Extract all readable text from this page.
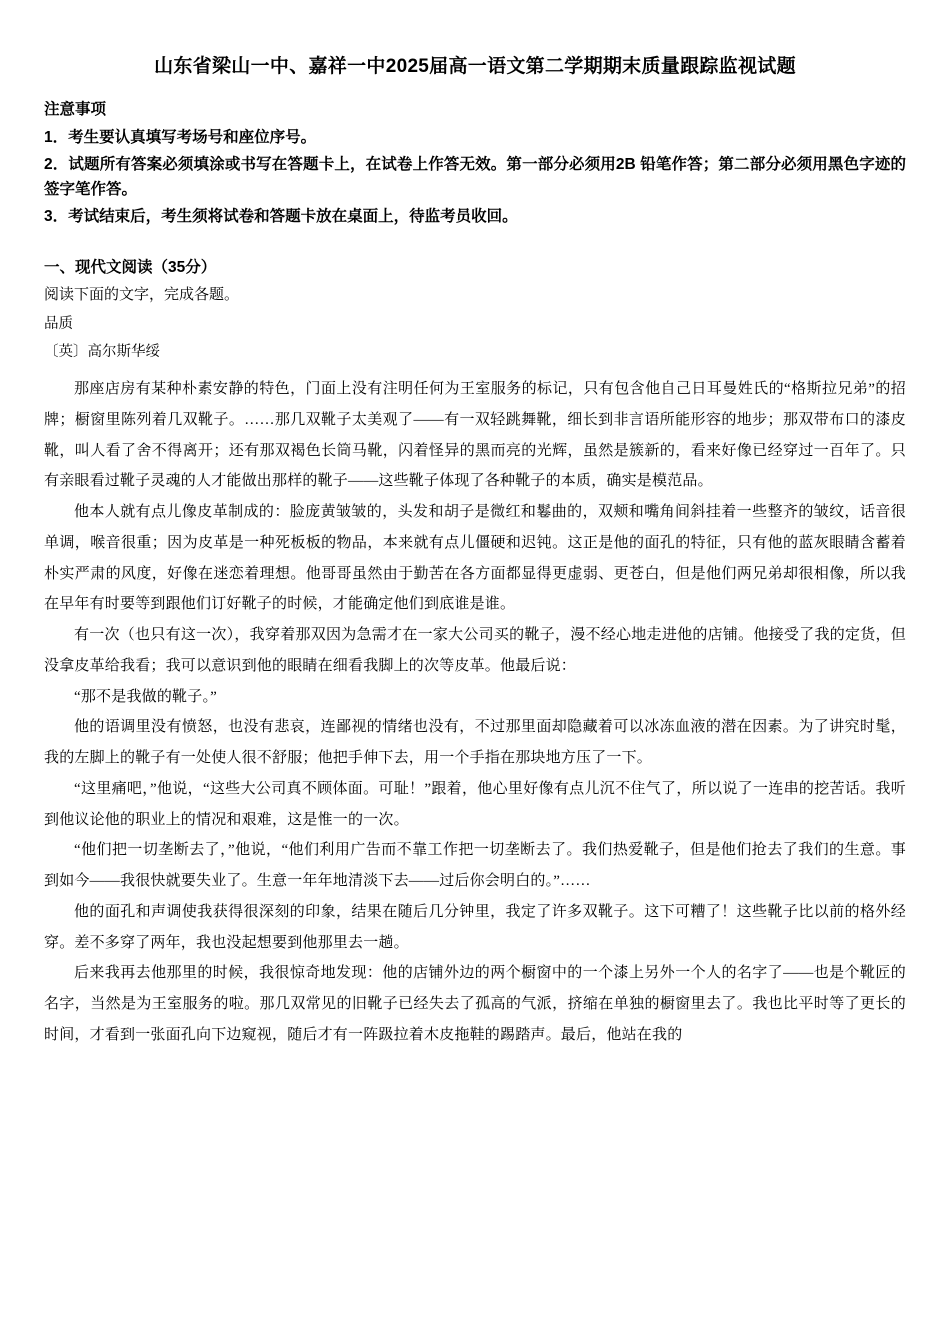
山东省梁山一中、嘉祥一中2025届高一语文第二学期期末质量跟踪监视试题
注意事项

1．考生要认真填写考场号和座位序号。

2．试题所有答案必须填涂或书写在答题卡上，在试卷上作答无效。第一部分必须用2B 铅笔作答；第二部分必须用黑色字迹的签字笔作答。

3．考试结束后，考生须将试卷和答题卡放在桌面上，待监考员收回。

一、现代文阅读（35分）

阅读下面的文字，完成各题。

品质

〔英〕高尔斯华绥

那座店房有某种朴素安静的特色，门面上没有注明任何为王室服务的标记，只有包含他自己日耳曼姓氏的“格斯拉兄弟”的招牌；橱窗里陈列着几双靴子。……那几双靴子太美观了——有一双轻跳舞靴，细长到非言语所能形容的地步；那双带布口的漆皮靴，叫人看了舍不得离开；还有那双褐色长筒马靴，闪着怪异的黑而亮的光辉，虽然是簇新的，看来好像已经穿过一百年了。只有亲眼看过靴子灵魂的人才能做出那样的靴子——这些靴子体现了各种靴子的本质，确实是模范品。

他本人就有点儿像皮革制成的：脸庞黄皱皱的，头发和胡子是微红和鬈曲的，双颊和嘴角间斜挂着一些整齐的皱纹，话音很单调，喉音很重；因为皮革是一种死板板的物品，本来就有点儿僵硬和迟钝。这正是他的面孔的特征，只有他的蓝灰眼睛含蓄着朴实严肃的风度，好像在迷恋着理想。他哥哥虽然由于勤苦在各方面都显得更虚弱、更苍白，但是他们两兄弟却很相像，所以我在早年有时要等到跟他们订好靴子的时候，才能确定他们到底谁是谁。

有一次（也只有这一次），我穿着那双因为急需才在一家大公司买的靴子，漫不经心地走进他的店铺。他接受了我的定货，但没拿皮革给我看；我可以意识到他的眼睛在细看我脚上的次等皮革。他最后说：

“那不是我做的靴子。”

他的语调里没有愤怒，也没有悲哀，连鄙视的情绪也没有，不过那里面却隐藏着可以冰冻血液的潜在因素。为了讲究时髦，我的左脚上的靴子有一处使人很不舒服；他把手伸下去，用一个手指在那块地方压了一下。

“这里痛吧，”他说，“这些大公司真不顾体面。可耻！”跟着，他心里好像有点儿沉不住气了，所以说了一连串的挖苦话。我听到他议论他的职业上的情况和艰难，这是惟一的一次。

“他们把一切垄断去了，”他说，“他们利用广告而不靠工作把一切垄断去了。我们热爱靴子，但是他们抢去了我们的生意。事到如今——我很快就要失业了。生意一年年地清淡下去——过后你会明白的。”……

他的面孔和声调使我获得很深刻的印象，结果在随后几分钟里，我定了许多双靴子。这下可糟了！这些靴子比以前的格外经穿。差不多穿了两年，我也没起想要到他那里去一趟。

后来我再去他那里的时候，我很惊奇地发现：他的店铺外边的两个橱窗中的一个漆上另外一个人的名字了——也是个靴匠的名字，当然是为王室服务的啦。那几双常见的旧靴子已经失去了孤高的气派，挤缩在单独的橱窗里去了。我也比平时等了更长的时间，才看到一张面孔向下边窥视，随后才有一阵趿拉着木皮拖鞋的踢踏声。最后，他站在我的
